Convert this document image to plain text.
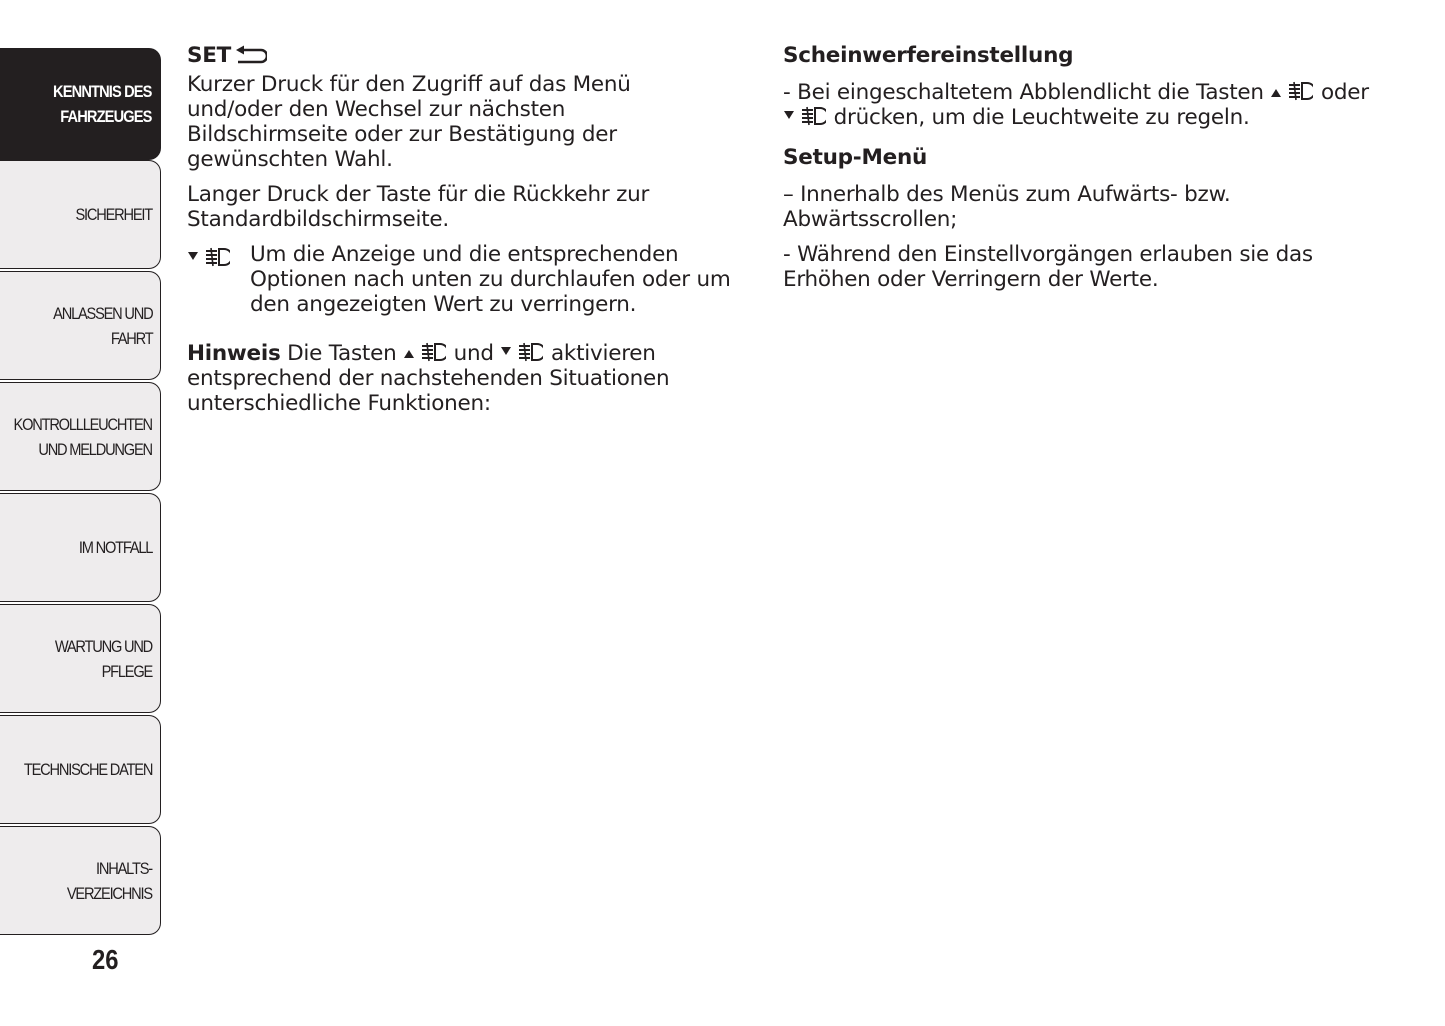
KENNTNIS DES
FAHRZEUGES
SICHERHEIT
ANLASSEN UND
FAHRT
KONTROLLLEUCHTEN
UND MELDUNGEN
IM NOTFALL
WARTUNG UND
PFLEGE
TECHNISCHE DATEN
INHALTS-
VERZEICHNIS
26
SET

Kurzer Druck für den Zugriff auf das Menü und/oder den Wechsel zur nächsten Bildschirmseite oder zur Bestätigung der gewünschten Wahl.

Langer Druck der Taste für die Rückkehr zur Standardbildschirmseite.

Um die Anzeige und die entsprechenden Optionen nach unten zu durchlaufen oder um den angezeigten Wert zu verringern.

Hinweis Die Tasten	und	aktivieren entsprechend der nachstehenden Situationen unterschiedliche Funktionen:

Scheinwerfereinstellung

- Bei eingeschaltetem Abblendlicht die Tasten	oder
drücken, um die Leuchtweite zu regeln.

Setup-Menü

– Innerhalb des Menüs zum Aufwärts- bzw. Abwärtsscrollen;

- Während den Einstellvorgängen erlauben sie das Erhöhen oder Verringern der Werte.
